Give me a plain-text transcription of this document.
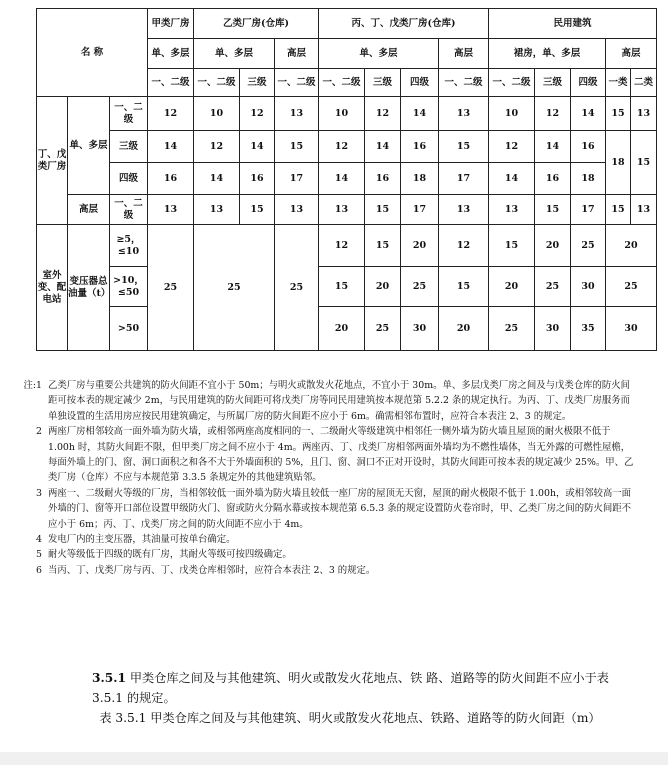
名 称			甲类厂房	乙类厂房(仓库)			丙、丁、戊类厂房(仓库)				民用建筑				
			单、多层	单、多层		高层	单、多层			高层	裙房，单、多层			高层	
			一、二级	一、二级	三级	一、二级	一、二级	三级	四级	一、二级	一、二级	三级	四级	一类	二类
丁、戊类厂房	单、多层	一、二级	12	10	12	13	10	12	14	13	10	12	14	15	13
		三级	14	12	14	15	12	14	16	15	12	14	16	18	15
		四级	16	14	16	17	14	16	18	17	14	16	18		
	高层	一、二级	13	13	15	13	13	15	17	13	13	15	17	15	13
室外变、配电站	变压器总油量（t）	≥5，≤10	25	25		25	12	15	20	12	15	20	25	20	
		>10，≤50					15	20	25	15	20	25	30	25	
		>50					20	25	30	20	25	30	35	30	
注:1 乙类厂房与重要公共建筑的防火间距不宜小于 50m；与明火或散发火花地点，不宜小于 30m。单、多层戊类厂房之间及与戊类仓库的防火间距可按本表的规定减少 2m，与民用建筑的防火间距可将戊类厂房等同民用建筑按本规范第 5.2.2 条的规定执行。为丙、丁、戊类厂房服务而单独设置的生活用房应按民用建筑确定，与所属厂房的防火间距不应小于 6m。确需相邻布置时，应符合本表注 2、3 的规定。
2 两座厂房相邻较高一面外墙为防火墙，或相邻两座高度相同的一、二级耐火等级建筑中相邻任一侧外墙为防火墙且屋顶的耐火极限不低于 1.00h 时，其防火间距不限，但甲类厂房之间不应小于 4m。两座丙、丁、戊类厂房相邻两面外墙均为不燃性墙体，当无外露的可燃性屋檐，每面外墙上的门、窗、洞口面积之和各不大于外墙面积的 5%，且门、窗、洞口不正对开设时，其防火间距可按本表的规定减少 25%。甲、乙类厂房（仓库）不应与本规范第 3.3.5 条规定外的其他建筑贴邻。
3 两座一、二级耐火等级的厂房，当相邻较低一面外墙为防火墙且较低一座厂房的屋顶无天窗，屋顶的耐火极限不低于 1.00h，或相邻较高一面外墙的门、窗等开口部位设置甲级防火门、窗或防火分隔水幕或按本规范第 6.5.3 条的规定设置防火卷帘时，甲、乙类厂房之间的防火间距不应小于 6m；丙、丁、戊类厂房之间的防火间距不应小于 4m。
4 发电厂内的主变压器，其油量可按单台确定。
5 耐火等级低于四级的既有厂房，其耐火等级可按四级确定。
6 当丙、丁、戊类厂房与丙、丁、戊类仓库相邻时，应符合本表注 2、3 的规定。
3.5.1 甲类仓库之间及与其他建筑、明火或散发火花地点、铁 路、道路等的防火间距不应小于表 3.5.1 的规定。
表 3.5.1 甲类仓库之间及与其他建筑、明火或散发火花地点、铁路、道路等的防火间距（m）
